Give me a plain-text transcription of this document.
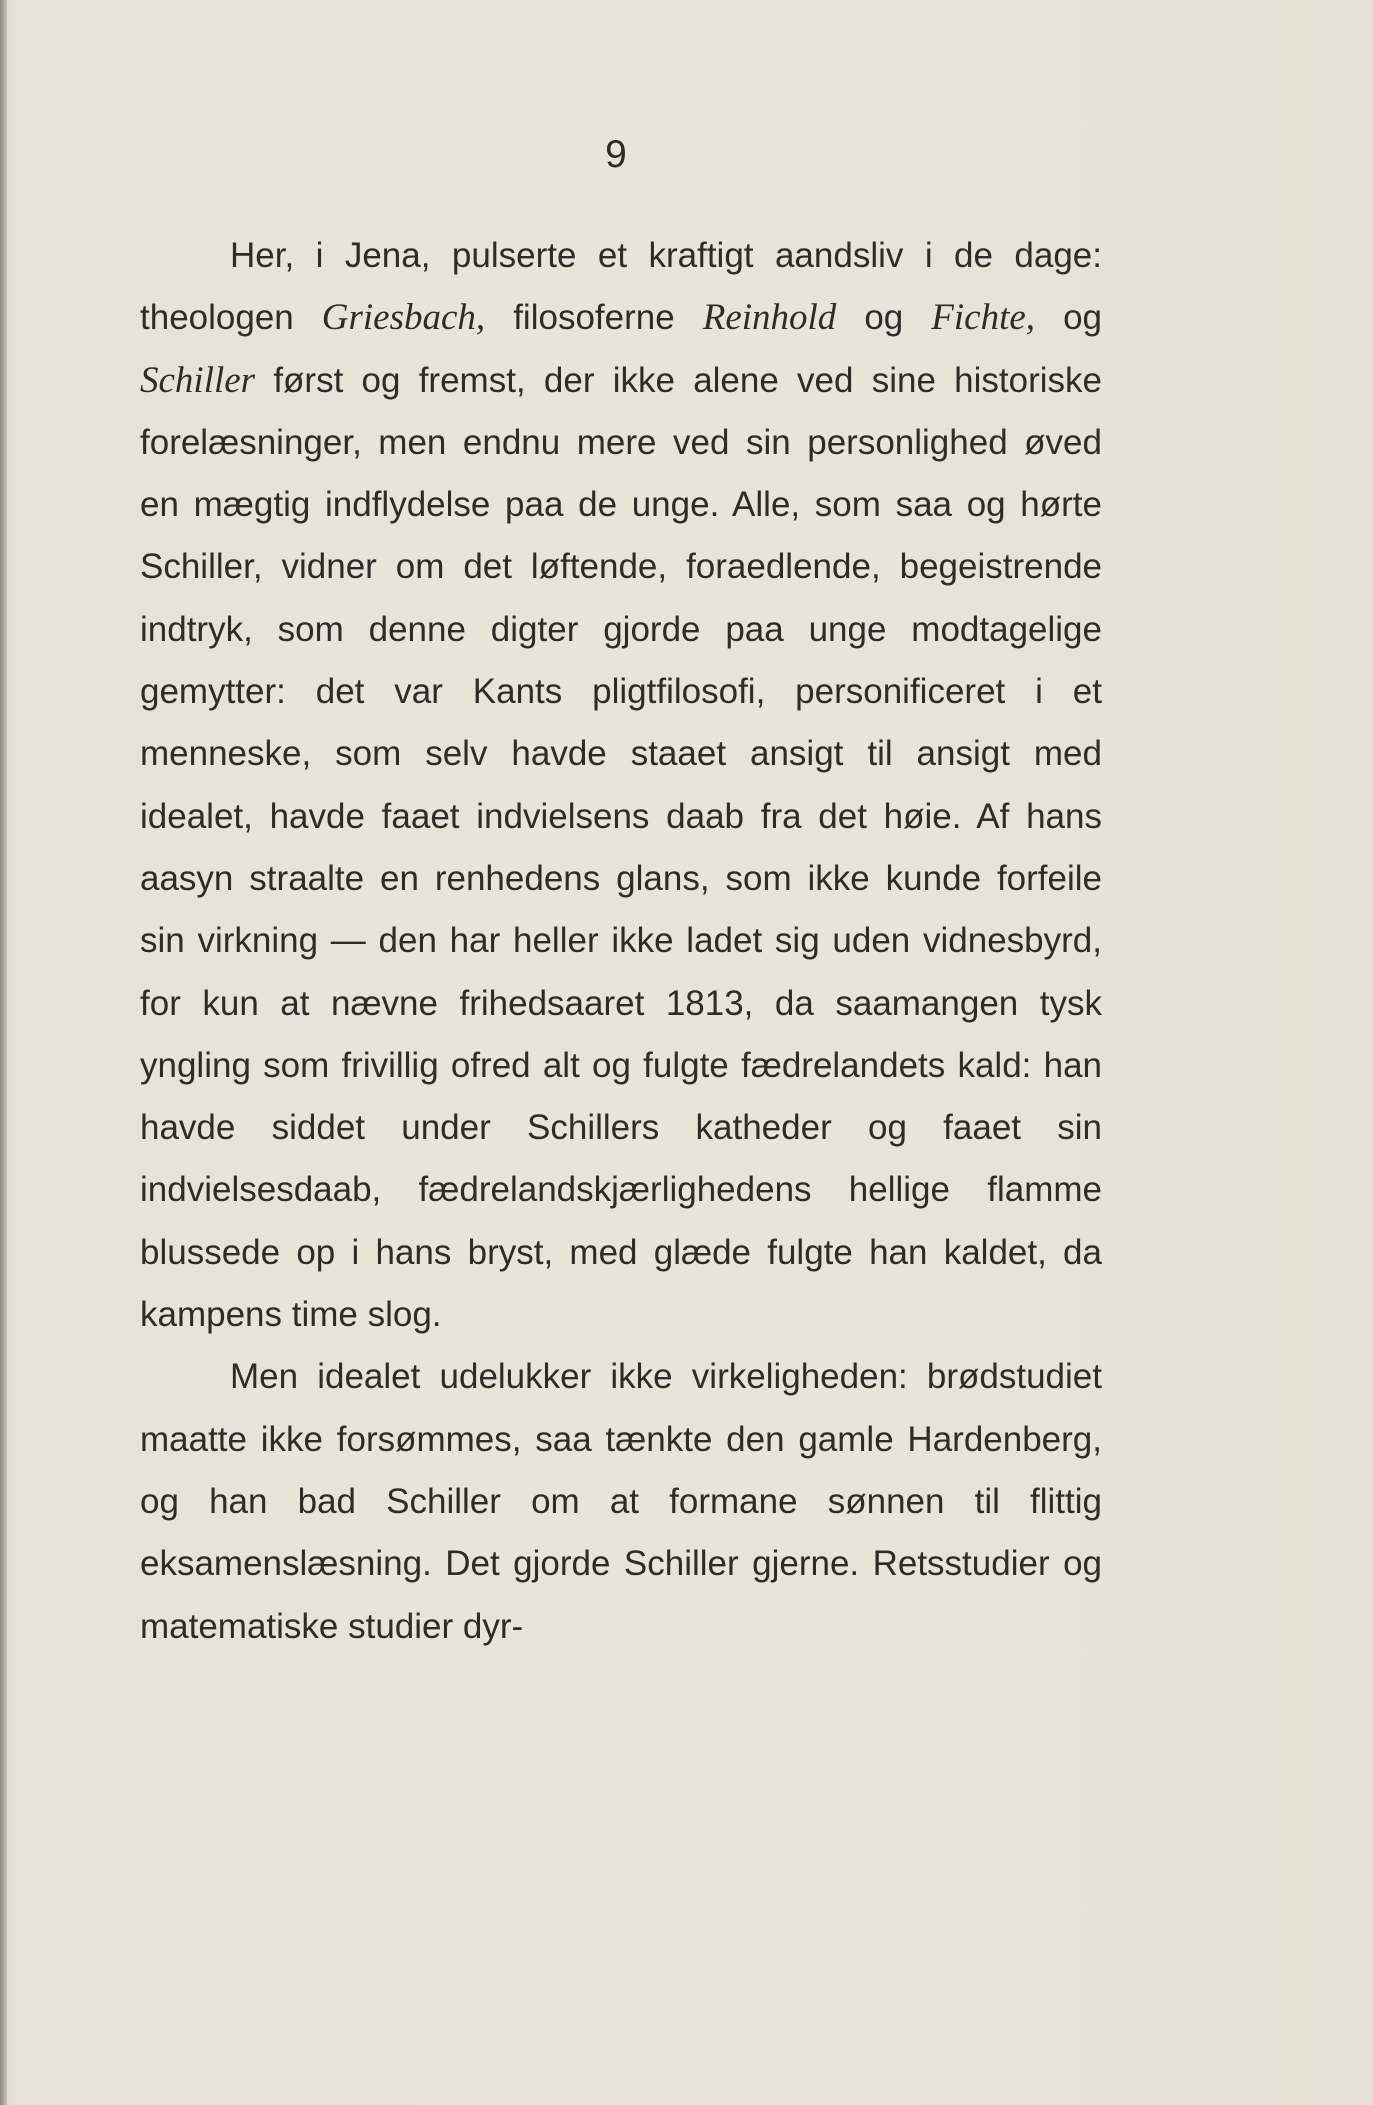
9

Her, i Jena, pulserte et kraftigt aandsliv i de dage: theologen Griesbach, filosoferne Reinhold og Fichte, og Schiller først og fremst, der ikke alene ved sine historiske forelæsninger, men endnu mere ved sin personlighed øved en mægtig indflydelse paa de unge. Alle, som saa og hørte Schiller, vidner om det løftende, foraedlende, begeistrende indtryk, som denne digter gjorde paa unge modtagelige gemytter: det var Kants pligtfilosofi, personificeret i et menneske, som selv havde staaet ansigt til ansigt med idealet, havde faaet indvielsens daab fra det høie. Af hans aasyn straalte en renhedens glans, som ikke kunde forfeile sin virkning — den har heller ikke ladet sig uden vidnesbyrd, for kun at nævne frihedsaaret 1813, da saamangen tysk yngling som frivillig ofred alt og fulgte fædrelandets kald: han havde siddet under Schillers katheder og faaet sin indvielsesdaab, fædrelandskjærlighedens hellige flamme blussede op i hans bryst, med glæde fulgte han kaldet, da kampens time slog.

Men idealet udelukker ikke virkeligheden: brødstudiet maatte ikke forsømmes, saa tænkte den gamle Hardenberg, og han bad Schiller om at formane sønnen til flittig eksamenslæsning. Det gjorde Schiller gjerne. Retsstudier og matematiske studier dyr-
